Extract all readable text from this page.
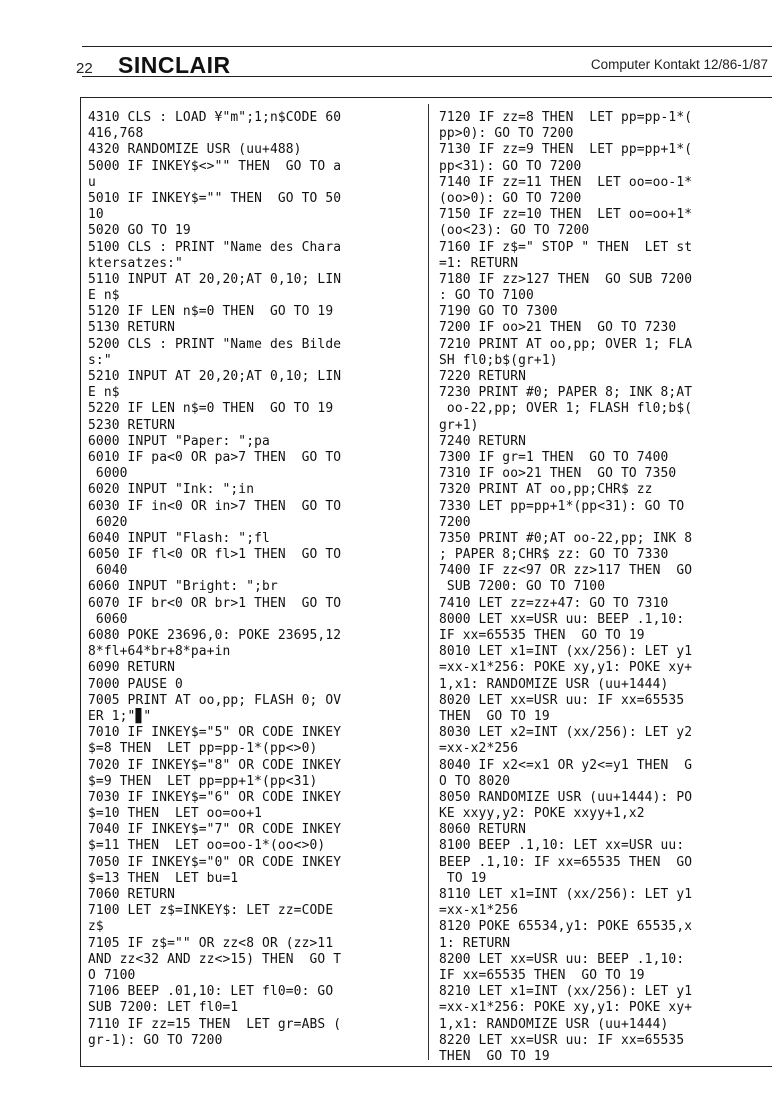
22 SINCLAIR	Computer Kontakt 12/86-1/87
4310 CLS : LOAD ¥"m";1;n$CODE 60
416,768
4320 RANDOMIZE USR (uu+488)
5000 IF INKEY$<>"" THEN  GO TO a
u
5010 IF INKEY$="" THEN  GO TO 50
10
5020 GO TO 19
5100 CLS : PRINT "Name des Chara
ktersatzes:"
5110 INPUT AT 20,20;AT 0,10; LIN
E n$
5120 IF LEN n$=0 THEN  GO TO 19
5130 RETURN
5200 CLS : PRINT "Name des Bilde
s:"
5210 INPUT AT 20,20;AT 0,10; LIN
E n$
5220 IF LEN n$=0 THEN  GO TO 19
5230 RETURN
6000 INPUT "Paper: ";pa
6010 IF pa<0 OR pa>7 THEN  GO TO
6000
6020 INPUT "Ink: ";in
6030 IF in<0 OR in>7 THEN  GO TO
6020
6040 INPUT "Flash: ";fl
6050 IF fl<0 OR fl>1 THEN  GO TO
6040
6060 INPUT "Bright: ";br
6070 IF br<0 OR br>1 THEN  GO TO
6060
6080 POKE 23696,0: POKE 23695,12
8*fl+64*br+8*pa+in
6090 RETURN
7000 PAUSE 0
7005 PRINT AT oo,pp; FLASH 0; OV
ER 1;"▊"
7010 IF INKEY$="5" OR CODE INKEY
$=8 THEN  LET pp=pp-1*(pp<>0)
7020 IF INKEY$="8" OR CODE INKEY
$=9 THEN  LET pp=pp+1*(pp<31)
7030 IF INKEY$="6" OR CODE INKEY
$=10 THEN  LET oo=oo+1
7040 IF INKEY$="7" OR CODE INKEY
$=11 THEN  LET oo=oo-1*(oo<>0)
7050 IF INKEY$="0" OR CODE INKEY
$=13 THEN  LET bu=1
7060 RETURN
7100 LET z$=INKEY$: LET zz=CODE
z$
7105 IF z$="" OR zz<8 OR (zz>11
AND zz<32 AND zz<>15) THEN  GO T
O 7100
7106 BEEP .01,10: LET fl0=0: GO
SUB 7200: LET fl0=1
7110 IF zz=15 THEN  LET gr=ABS (
gr-1): GO TO 7200
7120 IF zz=8 THEN  LET pp=pp-1*(
pp>0): GO TO 7200
7130 IF zz=9 THEN  LET pp=pp+1*(
pp<31): GO TO 7200
7140 IF zz=11 THEN  LET oo=oo-1*
(oo>0): GO TO 7200
7150 IF zz=10 THEN  LET oo=oo+1*
(oo<23): GO TO 7200
7160 IF z$=" STOP " THEN  LET st
=1: RETURN
7180 IF zz>127 THEN  GO SUB 7200
: GO TO 7100
7190 GO TO 7300
7200 IF oo>21 THEN  GO TO 7230
7210 PRINT AT oo,pp; OVER 1; FLA
SH fl0;b$(gr+1)
7220 RETURN
7230 PRINT #0; PAPER 8; INK 8;AT
oo-22,pp; OVER 1; FLASH fl0;b$(
gr+1)
7240 RETURN
7300 IF gr=1 THEN  GO TO 7400
7310 IF oo>21 THEN  GO TO 7350
7320 PRINT AT oo,pp;CHR$ zz
7330 LET pp=pp+1*(pp<31): GO TO
7200
7350 PRINT #0;AT oo-22,pp; INK 8
; PAPER 8;CHR$ zz: GO TO 7330
7400 IF zz<97 OR zz>117 THEN  GO
SUB 7200: GO TO 7100
7410 LET zz=zz+47: GO TO 7310
8000 LET xx=USR uu: BEEP .1,10:
IF xx=65535 THEN  GO TO 19
8010 LET x1=INT (xx/256): LET y1
=xx-x1*256: POKE xy,y1: POKE xy+
1,x1: RANDOMIZE USR (uu+1444)
8020 LET xx=USR uu: IF xx=65535
THEN  GO TO 19
8030 LET x2=INT (xx/256): LET y2
=xx-x2*256
8040 IF x2<=x1 OR y2<=y1 THEN  G
O TO 8020
8050 RANDOMIZE USR (uu+1444): PO
KE xxyy,y2: POKE xxyy+1,x2
8060 RETURN
8100 BEEP .1,10: LET xx=USR uu:
BEEP .1,10: IF xx=65535 THEN  GO
TO 19
8110 LET x1=INT (xx/256): LET y1
=xx-x1*256
8120 POKE 65534,y1: POKE 65535,x
1: RETURN
8200 LET xx=USR uu: BEEP .1,10:
IF xx=65535 THEN  GO TO 19
8210 LET x1=INT (xx/256): LET y1
=xx-x1*256: POKE xy,y1: POKE xy+
1,x1: RANDOMIZE USR (uu+1444)
8220 LET xx=USR uu: IF xx=65535
THEN  GO TO 19
